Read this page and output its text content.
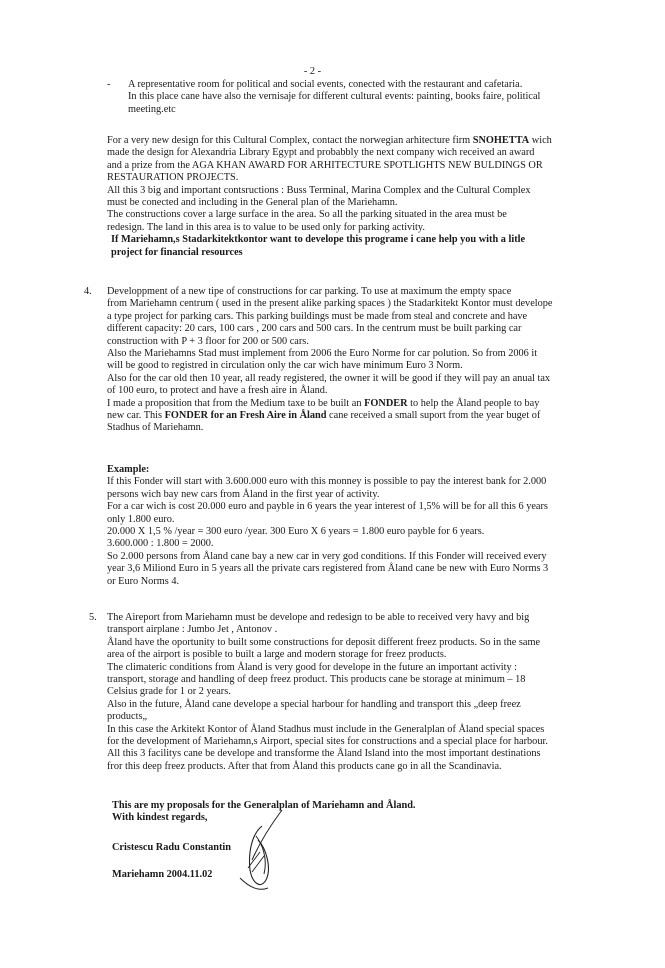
- 2 -
- A representative room for political and social events, conected with the restaurant and cafetaria.
In this place cane have also the vernisaje for different cultural events: painting, books faire, political
meeting.etc
For a very new design for this Cultural Complex, contact the norwegian arhitecture firm SNOHETTA wich
made the design for Alexandria Library Egypt and probabbly the next company wich received an award
and a prize from the AGA KHAN AWARD FOR ARHITECTURE SPOTLIGHTS NEW BULDINGS OR
RESTAURATION PROJECTS.
All this 3 big and important contsructions : Buss Terminal, Marina Complex and the Cultural Complex
must be conected and including in the General plan of the Mariehamn.
The constructions cover a large surface in the area. So all the parking situated in the area must be
redesign. The land in this area is to value to be used only for parking activity.
If Mariehamn,s Stadarkitektkontor want to develope this programe i cane help you with a litle
project for financial resources
4. Developpment of a new tipe of constructions for car parking. To use at maximum the empty space
from Mariehamn centrum ( used in the present alike parking spaces ) the Stadarkitekt Kontor must develope
a type project for parking cars. This parking buildings must be made from steal and concrete and have
different capacity: 20 cars, 100 cars , 200 cars and 500 cars. In the centrum must be built parking car
construction with P + 3 floor for 200 or 500 cars.
Also the Mariehamns Stad must implement from 2006 the Euro Norme for car polution. So from 2006 it
will be good to registred in circulation only the car wich have minimum Euro 3 Norm.
Also for the car old then 10 year, all ready registered, the owner it will be good if they will pay an anual tax
of 100 euro, to protect and have a fresh aire in Åland.
I made a proposition that from the Medium taxe to be built an FONDER to help the Åland people to bay
new car. This FONDER for an Fresh Aire in Åland cane received a small suport from the year buget of
Stadhus of Mariehamn.
Example:
If this Fonder will start with 3.600.000 euro with this monney is possible to pay the interest bank for 2.000
persons wich bay new cars from Åland in the first year of activity.
For a car wich is cost 20.000 euro and payble in 6 years the year interest of 1,5% will be for all this 6 years
only 1.800 euro.
20.000 X 1,5 % /year = 300 euro /year. 300 Euro X 6 years = 1.800 euro payble for 6 years.
3.600.000 : 1.800 = 2000.
So 2.000 persons from Åland cane bay a new car in very god conditions. If this Fonder will received every
year 3,6 Miliond Euro in 5 years all the private cars registered from Åland cane be new with Euro Norms 3
or Euro Norms 4.
5. The Aireport from Mariehamn must be develope and redesign to be able to received very havy and big
transport airplane : Jumbo Jet , Antonov .
Åland have the oportunity to built some constructions for deposit different freez products. So in the same
area of the airport is posible to built a large and modern storage for freez products.
The climateric conditions from Åland is very good for develope in the future an important activity :
transport, storage and handling of deep freez product. This products cane be storage at minimum – 18
Celsius grade for 1 or 2 years.
Also in the future, Åland cane develope a special harbour for handling and transport this „deep freez
products„
In this case the Arkitekt Kontor of Åland Stadhus must include in the Generalplan of Åland special spaces
for the development of Mariehamn,s Airport, special sites for constructions and a special place for harbour.
All this 3 facilitys cane be develope and transforme the Åland Island into the most important destinations
fror this deep freez products. After that from Åland this products cane go in all the Scandinavia.
This are my proposals for the Generalplan of Mariehamn and Åland.
With kindest regards,
Cristescu Radu Constantin
Mariehamn 2004.11.02
